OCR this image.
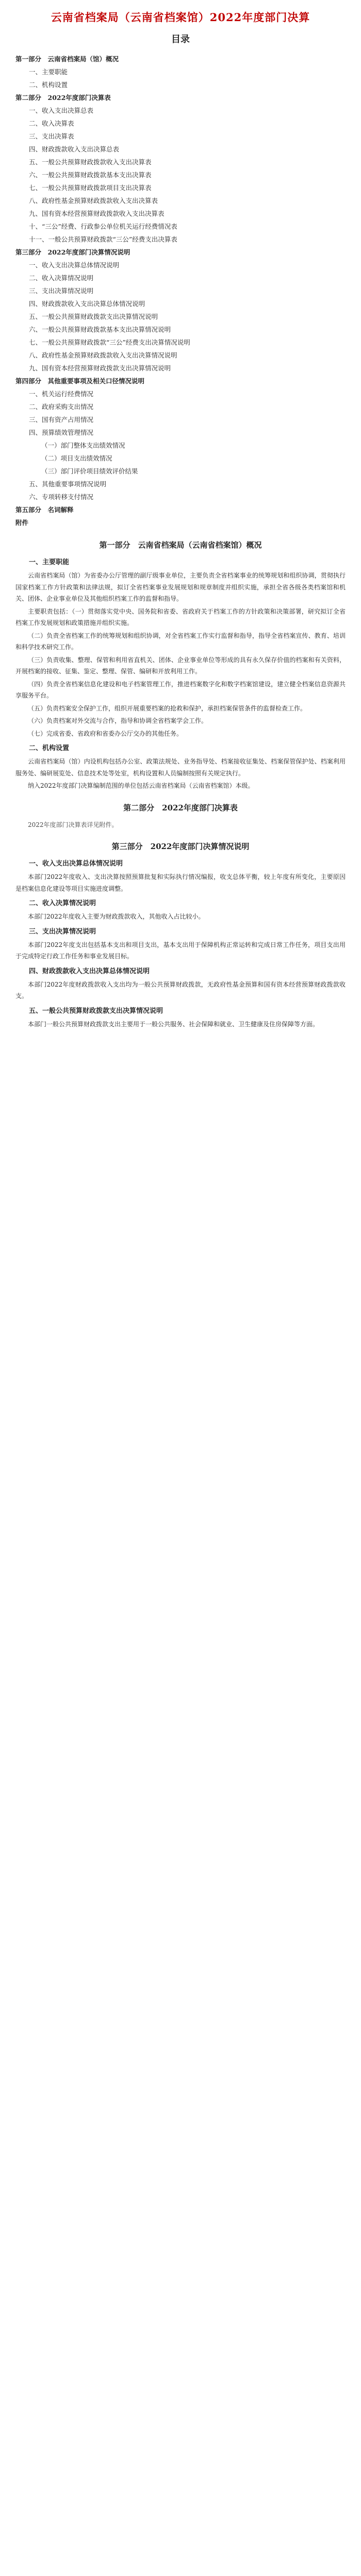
云南省档案局（云南省档案馆）2022年度部门决算
目录
第一部分　云南省档案局（馆）概况
一、主要职能
二、机构设置
第二部分　2022年度部门决算表
一、收入支出决算总表
二、收入决算表
三、支出决算表
四、财政拨款收入支出决算总表
五、一般公共预算财政拨款收入支出决算表
六、一般公共预算财政拨款基本支出决算表
七、一般公共预算财政拨款项目支出决算表
八、政府性基金预算财政拨款收入支出决算表
九、国有资本经营预算财政拨款收入支出决算表
十、“三公”经费、行政参公单位机关运行经费情况表
十一、一般公共预算财政拨款“三公”经费支出决算表
第三部分　2022年度部门决算情况说明
一、收入支出决算总体情况说明
二、收入决算情况说明
三、支出决算情况说明
四、财政拨款收入支出决算总体情况说明
五、一般公共预算财政拨款支出决算情况说明
六、一般公共预算财政拨款基本支出决算情况说明
七、一般公共预算财政拨款“三公”经费支出决算情况说明
八、政府性基金预算财政拨款收入支出决算情况说明
九、国有资本经营预算财政拨款支出决算情况说明
第四部分　其他重要事项及相关口径情况说明
一、机关运行经费情况
二、政府采购支出情况
三、国有资产占用情况
四、预算绩效管理情况
（一）部门整体支出绩效情况
（二）项目支出绩效情况
（三）部门评价项目绩效评价结果
五、其他重要事项情况说明
六、专项转移支付情况
第五部分　名词解释
附件
第一部分　云南省档案局（云南省档案馆）概况
一、主要职能

云南省档案局（馆）为省委办公厅管理的副厅级事业单位，主要负责全省档案事业的统筹规划和组织协调，贯彻执行国家档案工作方针政策和法律法规，拟订全省档案事业发展规划和规章制度并组织实施，承担全省各级各类档案馆和机关、团体、企业事业单位及其他组织档案工作的监督和指导。

主要职责包括：（一）贯彻落实党中央、国务院和省委、省政府关于档案工作的方针政策和决策部署，研究拟订全省档案工作发展规划和政策措施并组织实施。

（二）负责全省档案工作的统筹规划和组织协调，对全省档案工作实行监督和指导，指导全省档案宣传、教育、培训和科学技术研究工作。

（三）负责收集、整理、保管和利用省直机关、团体、企业事业单位等形成的具有永久保存价值的档案和有关资料，开展档案的接收、征集、鉴定、整理、保管、编研和开放利用工作。

（四）负责全省档案信息化建设和电子档案管理工作，推进档案数字化和数字档案馆建设，建立健全档案信息资源共享服务平台。

（五）负责档案安全保护工作，组织开展重要档案的抢救和保护，承担档案保管条件的监督检查工作。

（六）负责档案对外交流与合作，指导和协调全省档案学会工作。

（七）完成省委、省政府和省委办公厅交办的其他任务。

二、机构设置

云南省档案局（馆）内设机构包括办公室、政策法规处、业务指导处、档案接收征集处、档案保管保护处、档案利用服务处、编研展览处、信息技术处等处室，机构设置和人员编制按照有关规定执行。

纳入2022年度部门决算编制范围的单位包括云南省档案局（云南省档案馆）本级。

第二部分　2022年度部门决算表

2022年度部门决算表详见附件。

第三部分　2022年度部门决算情况说明
一、收入支出决算总体情况说明

本部门2022年度收入、支出决算按照预算批复和实际执行情况编报，收支总体平衡，较上年度有所变化，主要原因是档案信息化建设等项目实施进度调整。

二、收入决算情况说明

本部门2022年度收入主要为财政拨款收入，其他收入占比较小。

三、支出决算情况说明

本部门2022年度支出包括基本支出和项目支出，基本支出用于保障机构正常运转和完成日常工作任务，项目支出用于完成特定行政工作任务和事业发展目标。

四、财政拨款收入支出决算总体情况说明

本部门2022年度财政拨款收入支出均为一般公共预算财政拨款，无政府性基金预算和国有资本经营预算财政拨款收支。

五、一般公共预算财政拨款支出决算情况说明

本部门一般公共预算财政拨款支出主要用于一般公共服务、社会保障和就业、卫生健康及住房保障等方面。
